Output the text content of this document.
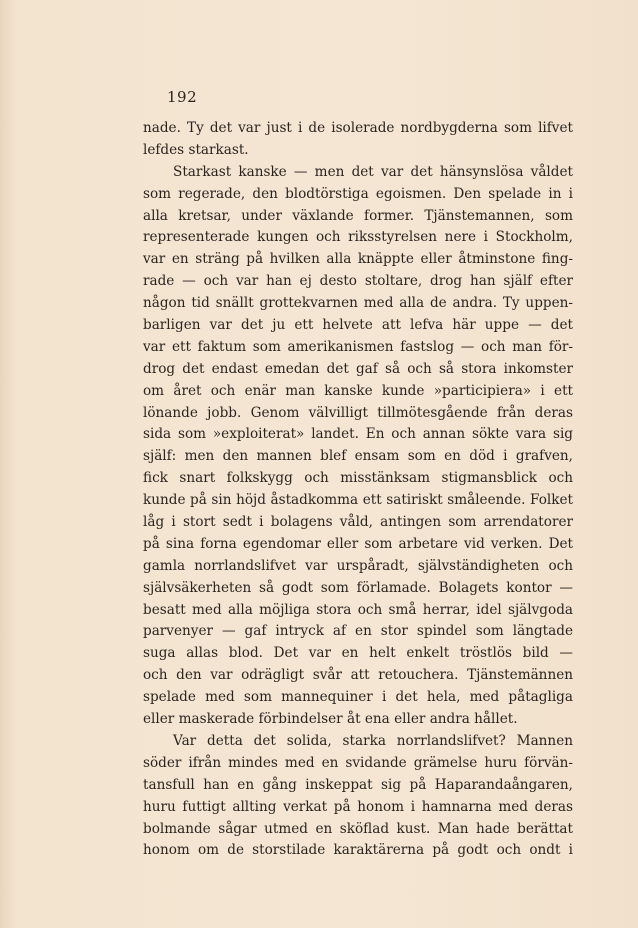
192
nade. Ty det var just i de isolerade nordbygderna som lifvet
lefdes starkast.
Starkast kanske — men det var det hänsynslösa våldet
som regerade, den blodtörstiga egoismen. Den spelade in i
alla kretsar, under växlande former. Tjänstemannen, som
representerade kungen och riksstyrelsen nere i Stockholm,
var en sträng på hvilken alla knäppte eller åtminstone fing-
rade — och var han ej desto stoltare, drog han själf efter
någon tid snällt grottekvarnen med alla de andra. Ty uppen-
barligen var det ju ett helvete att lefva här uppe — det
var ett faktum som amerikanismen fastslog — och man för-
drog det endast emedan det gaf så och så stora inkomster
om året och enär man kanske kunde »participiera» i ett
lönande jobb. Genom välvilligt tillmötesgående från deras
sida som »exploiterat» landet. En och annan sökte vara sig
själf: men den mannen blef ensam som en död i grafven,
fick snart folkskygg och misstänksam stigmansblick och
kunde på sin höjd åstadkomma ett satiriskt småleende. Folket
låg i stort sedt i bolagens våld, antingen som arrendatorer
på sina forna egendomar eller som arbetare vid verken. Det
gamla norrlandslifvet var urspåradt, självständigheten och
självsäkerheten så godt som förlamade. Bolagets kontor —
besatt med alla möjliga stora och små herrar, idel självgoda
parvenyer — gaf intryck af en stor spindel som längtade
suga allas blod. Det var en helt enkelt tröstlös bild —
och den var odrägligt svår att retouchera. Tjänstemännen
spelade med som mannequiner i det hela, med påtagliga
eller maskerade förbindelser åt ena eller andra hållet.
Var detta det solida, starka norrlandslifvet? Mannen
söder ifrån mindes med en svidande grämelse huru förvän-
tansfull han en gång inskeppat sig på Haparandaångaren,
huru futtigt allting verkat på honom i hamnarna med deras
bolmande sågar utmed en sköflad kust. Man hade berättat
honom om de storstilade karaktärerna på godt och ondt i
